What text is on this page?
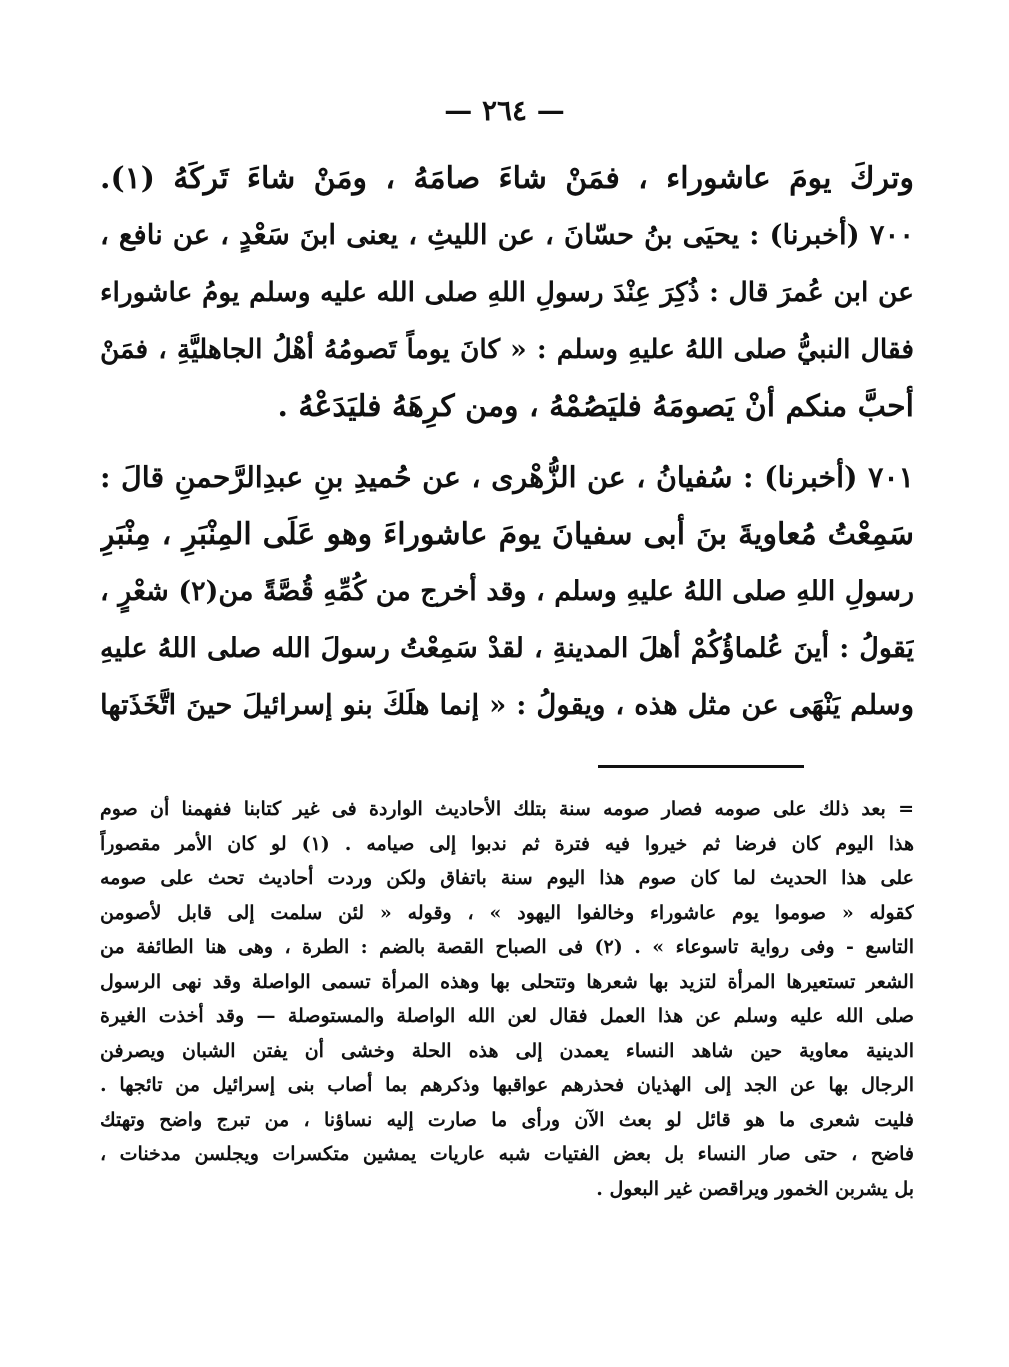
— ٢٦٤ —
وتركَ يومَ عاشوراء ، فمَنْ شاءَ صامَهُ ، ومَنْ شاءَ تَركَهُ (١).
٧٠٠ (أخبرنا) : يحيَى بنُ حسّانَ ، عن الليثِ ، يعنى ابنَ سَعْدٍ ، عن نافع ،
عن ابن عُمرَ قال : ذُكِرَ عِنْدَ رسولِ اللهِ صلى الله عليه وسلم يومُ عاشوراء
فقال النبيُّ صلى اللهُ عليهِ وسلم : « كانَ يوماً تَصومُهُ أهْلُ الجاهليَّةِ ، فمَنْ
أحبَّ منكم أنْ يَصومَهُ فليَصُمْهُ ، ومن كرِهَهُ فليَدَعْهُ .
٧٠١ (أخبرنا) : سُفيانُ ، عن الزُّهْرى ، عن حُميدِ بنِ عبدِالرَّحمنِ قالَ :
سَمِعْتُ مُعاويةَ بنَ أبى سفيانَ يومَ عاشوراءَ وهو عَلَى المِنْبَرِ ، مِنْبَرِ
رسولِ اللهِ صلى اللهُ عليهِ وسلم ، وقد أخرج من كُمِّهِ قُصَّةً من(٢) شعْرٍ ،
يَقولُ : أينَ عُلماؤُكُمْ أهلَ المدينةِ ، لقدْ سَمِعْتُ رسولَ الله صلى اللهُ عليهِ
وسلم يَنْهَى عن مثل هذه ، ويقولُ : « إنما هلَكَ بنو إسرائيلَ حينَ اتَّخَذَتها
= بعد ذلك على صومه فصار صومه سنة بتلك الأحاديث الواردة فى غير كتابنا ففهمنا أن صوم
هذا اليوم كان فرضا ثم خيروا فيه فترة ثم ندبوا إلى صيامه . (١) لو كان الأمر مقصوراً
على هذا الحديث لما كان صوم هذا اليوم سنة باتفاق ولكن وردت أحاديث تحث على صومه
كقوله « صوموا يوم عاشوراء وخالفوا اليهود » ، وقوله « لئن سلمت إلى قابل لأصومن
التاسع - وفى رواية تاسوعاء » . (٢) فى الصباح القصة بالضم : الطرة ، وهى هنا الطائفة من
الشعر تستعيرها المرأة لتزيد بها شعرها وتتحلى بها وهذه المرأة تسمى الواصلة وقد نهى الرسول
صلى الله عليه وسلم عن هذا العمل فقال لعن الله الواصلة والمستوصلة — وقد أخذت الغيرة
الدينية معاوية حين شاهد النساء يعمدن إلى هذه الحلة وخشى أن يفتن الشبان ويصرفن
الرجال بها عن الجد إلى الهذيان فحذرهم عواقبها وذكرهم بما أصاب بنى إسرائيل من تائجها .
فليت شعرى ما هو قائل لو بعث الآن ورأى ما صارت إليه نساؤنا ، من تبرج واضح وتهتك
فاضح ، حتى صار النساء بل بعض الفتيات شبه عاريات يمشين متكسرات ويجلسن مدخنات ،
بل يشربن الخمور ويراقصن غير البعول .
